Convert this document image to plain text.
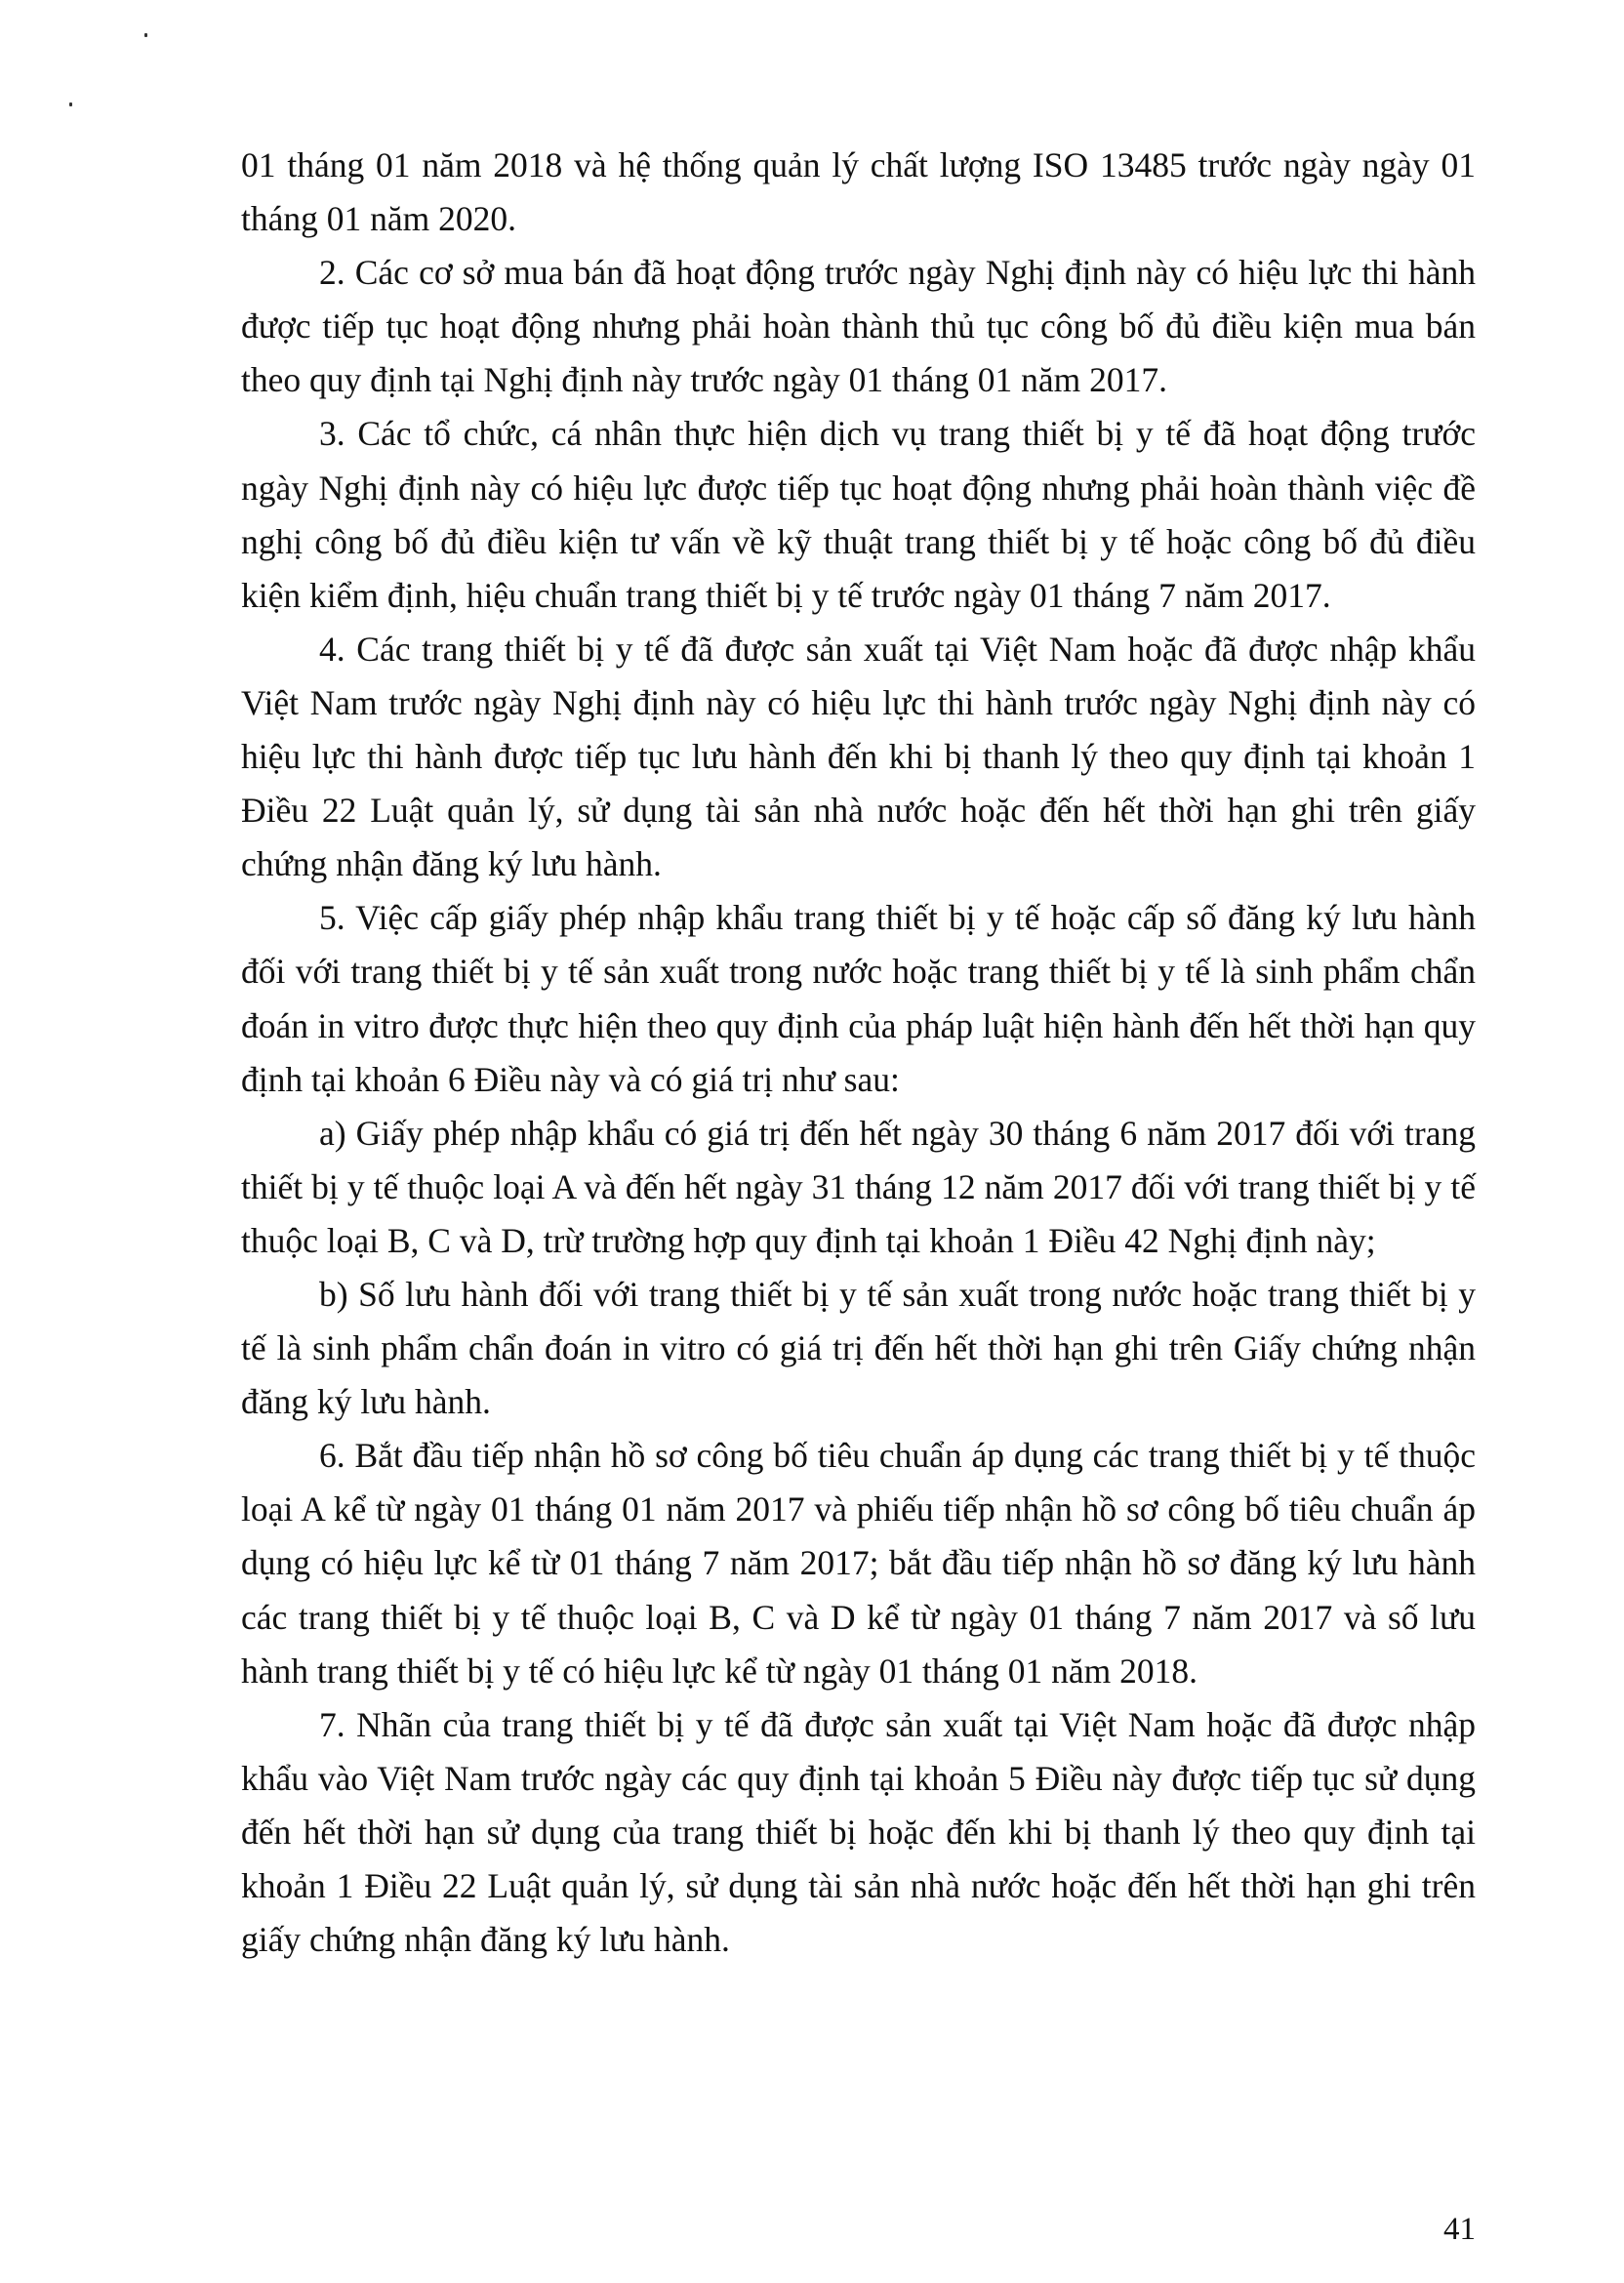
01 tháng 01 năm 2018 và hệ thống quản lý chất lượng ISO 13485 trước ngày ngày 01 tháng 01 năm 2020.

2. Các cơ sở mua bán đã hoạt động trước ngày Nghị định này có hiệu lực thi hành được tiếp tục hoạt động nhưng phải hoàn thành thủ tục công bố đủ điều kiện mua bán theo quy định tại Nghị định này trước ngày 01 tháng 01 năm 2017.

3. Các tổ chức, cá nhân thực hiện dịch vụ trang thiết bị y tế đã hoạt động trước ngày Nghị định này có hiệu lực được tiếp tục hoạt động nhưng phải hoàn thành việc đề nghị công bố đủ điều kiện tư vấn về kỹ thuật trang thiết bị y tế hoặc công bố đủ điều kiện kiểm định, hiệu chuẩn trang thiết bị y tế trước ngày 01 tháng 7 năm 2017.

4. Các trang thiết bị y tế đã được sản xuất tại Việt Nam hoặc đã được nhập khẩu Việt Nam trước ngày Nghị định này có hiệu lực thi hành trước ngày Nghị định này có hiệu lực thi hành được tiếp tục lưu hành đến khi bị thanh lý theo quy định tại khoản 1 Điều 22 Luật quản lý, sử dụng tài sản nhà nước hoặc đến hết thời hạn ghi trên giấy chứng nhận đăng ký lưu hành.

5. Việc cấp giấy phép nhập khẩu trang thiết bị y tế hoặc cấp số đăng ký lưu hành đối với trang thiết bị y tế sản xuất trong nước hoặc trang thiết bị y tế là sinh phẩm chẩn đoán in vitro được thực hiện theo quy định của pháp luật hiện hành đến hết thời hạn quy định tại khoản 6 Điều này và có giá trị như sau:

a) Giấy phép nhập khẩu có giá trị đến hết ngày 30 tháng 6 năm 2017 đối với trang thiết bị y tế thuộc loại A và đến hết ngày 31 tháng 12 năm 2017 đối với trang thiết bị y tế thuộc loại B, C và D, trừ trường hợp quy định tại khoản 1 Điều 42 Nghị định này;

b) Số lưu hành đối với trang thiết bị y tế sản xuất trong nước hoặc trang thiết bị y tế là sinh phẩm chẩn đoán in vitro có giá trị đến hết thời hạn ghi trên Giấy chứng nhận đăng ký lưu hành.

6. Bắt đầu tiếp nhận hồ sơ công bố tiêu chuẩn áp dụng các trang thiết bị y tế thuộc loại A kể từ ngày 01 tháng 01 năm 2017 và phiếu tiếp nhận hồ sơ công bố tiêu chuẩn áp dụng có hiệu lực kể từ 01 tháng 7 năm 2017; bắt đầu tiếp nhận hồ sơ đăng ký lưu hành các trang thiết bị y tế thuộc loại B, C và D kể từ ngày 01 tháng 7 năm 2017 và số lưu hành trang thiết bị y tế có hiệu lực kể từ ngày 01 tháng 01 năm 2018.

7. Nhãn của trang thiết bị y tế đã được sản xuất tại Việt Nam hoặc đã được nhập khẩu vào Việt Nam trước ngày các quy định tại khoản 5 Điều này được tiếp tục sử dụng đến hết thời hạn sử dụng của trang thiết bị hoặc đến khi bị thanh lý theo quy định tại khoản 1 Điều 22 Luật quản lý, sử dụng tài sản nhà nước hoặc đến hết thời hạn ghi trên giấy chứng nhận đăng ký lưu hành.

41
